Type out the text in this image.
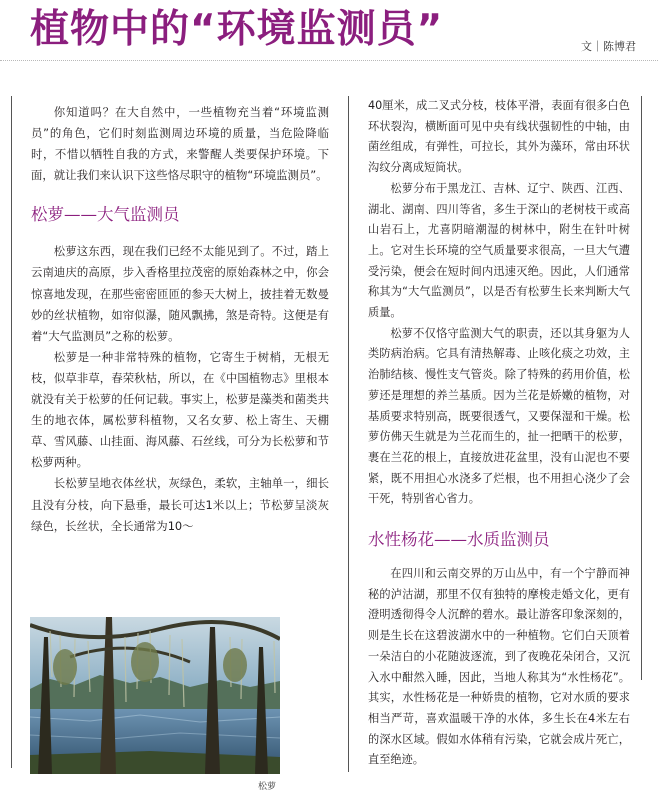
植物中的“环境监测员”	文｜陈博君

你知道吗？在大自然中，一些植物充当着“环境监测员”的角色，它们时刻监测周边环境的质量，当危险降临时，不惜以牺牲自我的方式，来警醒人类要保护环境。下面，就让我们来认识下这些恪尽职守的植物“环境监测员”。

松萝——大气监测员

松萝这东西，现在我们已经不太能见到了。不过，踏上云南迪庆的高原，步入香格里拉茂密的原始森林之中，你会惊喜地发现，在那些密密匝匝的参天大树上，披挂着无数曼妙的丝状植物，如帘似瀑，随风飘拂，煞是奇特。这便是有着“大气监测员”之称的松萝。

松萝是一种非常特殊的植物，它寄生于树梢，无根无枝，似草非草，春荣秋枯，所以，在《中国植物志》里根本就没有关于松萝的任何记载。事实上，松萝是藻类和菌类共生的地衣体，属松萝科植物，又名女萝、松上寄生、天棚草、雪风藤、山挂面、海风藤、石丝线，可分为长松萝和节松萝两种。

长松萝呈地衣体丝状，灰绿色，柔软，主轴单一，细长且没有分枝，向下悬垂，最长可达1米以上；节松萝呈淡灰绿色，长丝状，全长通常为10～

松萝

40厘米，成二叉式分枝，枝体平滑，表面有很多白色环状裂沟，横断面可见中央有线状强韧性的中轴，由菌丝组成，有弹性，可拉长，其外为藻环，常由环状沟纹分离成短筒状。

松萝分布于黑龙江、吉林、辽宁、陕西、江西、湖北、湖南、四川等省，多生于深山的老树枝干或高山岩石上，尤喜阴暗潮湿的树林中，附生在针叶树上。它对生长环境的空气质量要求很高，一旦大气遭受污染，便会在短时间内迅速灭绝。因此，人们通常称其为“大气监测员”，以是否有松萝生长来判断大气质量。

松萝不仅恪守监测大气的职责，还以其身躯为人类防病治病。它具有清热解毒、止咳化痰之功效，主治肺结核、慢性支气管炎。除了特殊的药用价值，松萝还是理想的养兰基质。因为兰花是娇嫩的植物，对基质要求特别高，既要很透气，又要保湿和干燥。松萝仿佛天生就是为兰花而生的，扯一把晒干的松萝，裹在兰花的根上，直接放进花盆里，没有山泥也不要紧，既不用担心水浇多了烂根，也不用担心浇少了会干死，特别省心省力。

水性杨花——水质监测员

在四川和云南交界的万山丛中，有一个宁静而神秘的泸沽湖，那里不仅有独特的摩梭走婚文化，更有澄明透彻得令人沉醉的碧水。最让游客印象深刻的，则是生长在这碧波湖水中的一种植物。它们白天顶着一朵洁白的小花随波逐流，到了夜晚花朵闭合，又沉入水中酣然入睡，因此，当地人称其为“水性杨花”。其实，水性杨花是一种娇贵的植物，它对水质的要求相当严苛，喜欢温暖干净的水体，多生长在4米左右的深水区域。假如水体稍有污染，它就会成片死亡，直至绝迹。
